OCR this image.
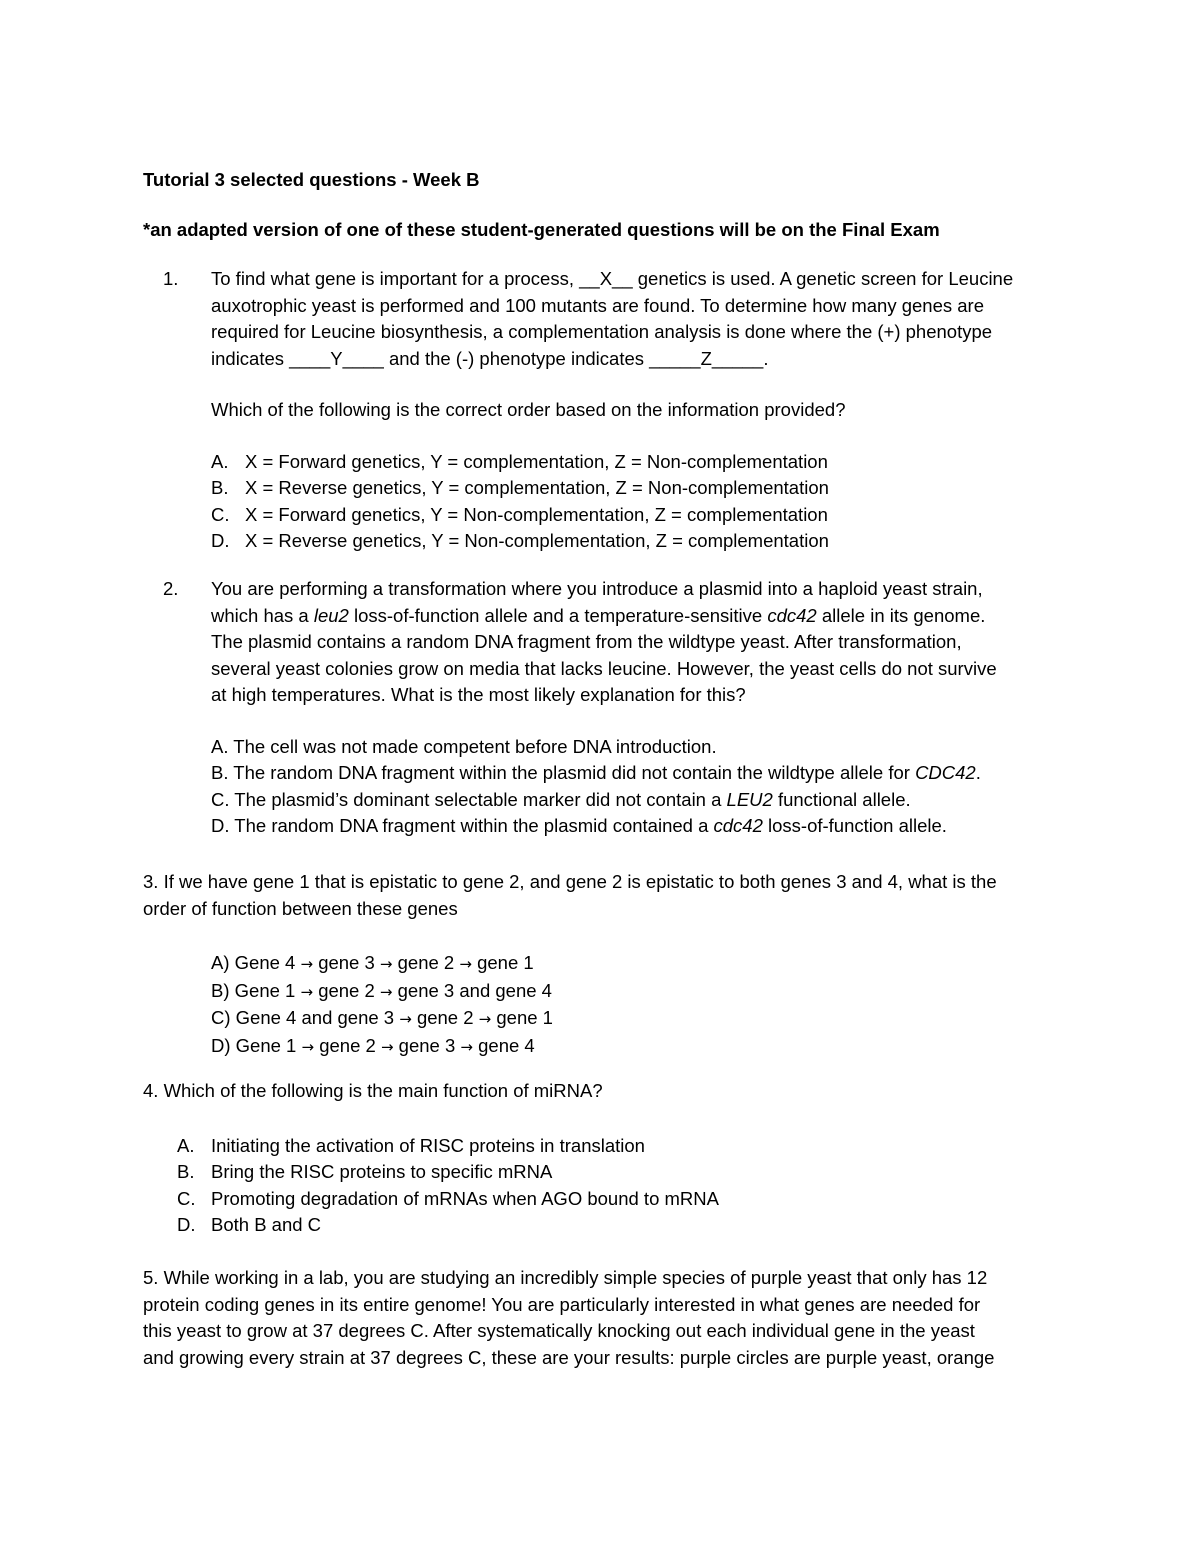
Tutorial 3 selected questions - Week B
*an adapted version of one of these student-generated questions will be on the Final Exam
1.	To find what gene is important for a process, __X__ genetics is used. A genetic screen for Leucine
auxotrophic yeast is performed and 100 mutants are found. To determine how many genes are
required for Leucine biosynthesis, a complementation analysis is done where the (+) phenotype
indicates ____Y____ and the (-) phenotype indicates _____Z_____.
Which of the following is the correct order based on the information provided?
A. X = Forward genetics, Y = complementation, Z = Non-complementation
B. X = Reverse genetics, Y = complementation, Z = Non-complementation
C. X = Forward genetics, Y = Non-complementation, Z = complementation
D. X = Reverse genetics, Y = Non-complementation, Z = complementation
2.	You are performing a transformation where you introduce a plasmid into a haploid yeast strain,
which has a leu2 loss-of-function allele and a temperature-sensitive cdc42 allele in its genome.
The plasmid contains a random DNA fragment from the wildtype yeast. After transformation,
several yeast colonies grow on media that lacks leucine. However, the yeast cells do not survive
at high temperatures. What is the most likely explanation for this?
A. The cell was not made competent before DNA introduction.
B. The random DNA fragment within the plasmid did not contain the wildtype allele for CDC42.
C. The plasmid’s dominant selectable marker did not contain a LEU2 functional allele.
D. The random DNA fragment within the plasmid contained a cdc42 loss-of-function allele.
3. If we have gene 1 that is epistatic to gene 2, and gene 2 is epistatic to both genes 3 and 4, what is the
order of function between these genes
A) Gene 4 → gene 3 → gene 2 → gene 1
B) Gene 1 → gene 2 → gene 3 and gene 4
C) Gene 4 and gene 3 → gene 2 → gene 1
D) Gene 1 → gene 2 → gene 3 → gene 4
4. Which of the following is the main function of miRNA?
A. Initiating the activation of RISC proteins in translation
B. Bring the RISC proteins to specific mRNA
C. Promoting degradation of mRNAs when AGO bound to mRNA
D. Both B and C
5. While working in a lab, you are studying an incredibly simple species of purple yeast that only has 12
protein coding genes in its entire genome! You are particularly interested in what genes are needed for
this yeast to grow at 37 degrees C. After systematically knocking out each individual gene in the yeast
and growing every strain at 37 degrees C, these are your results: purple circles are purple yeast, orange
